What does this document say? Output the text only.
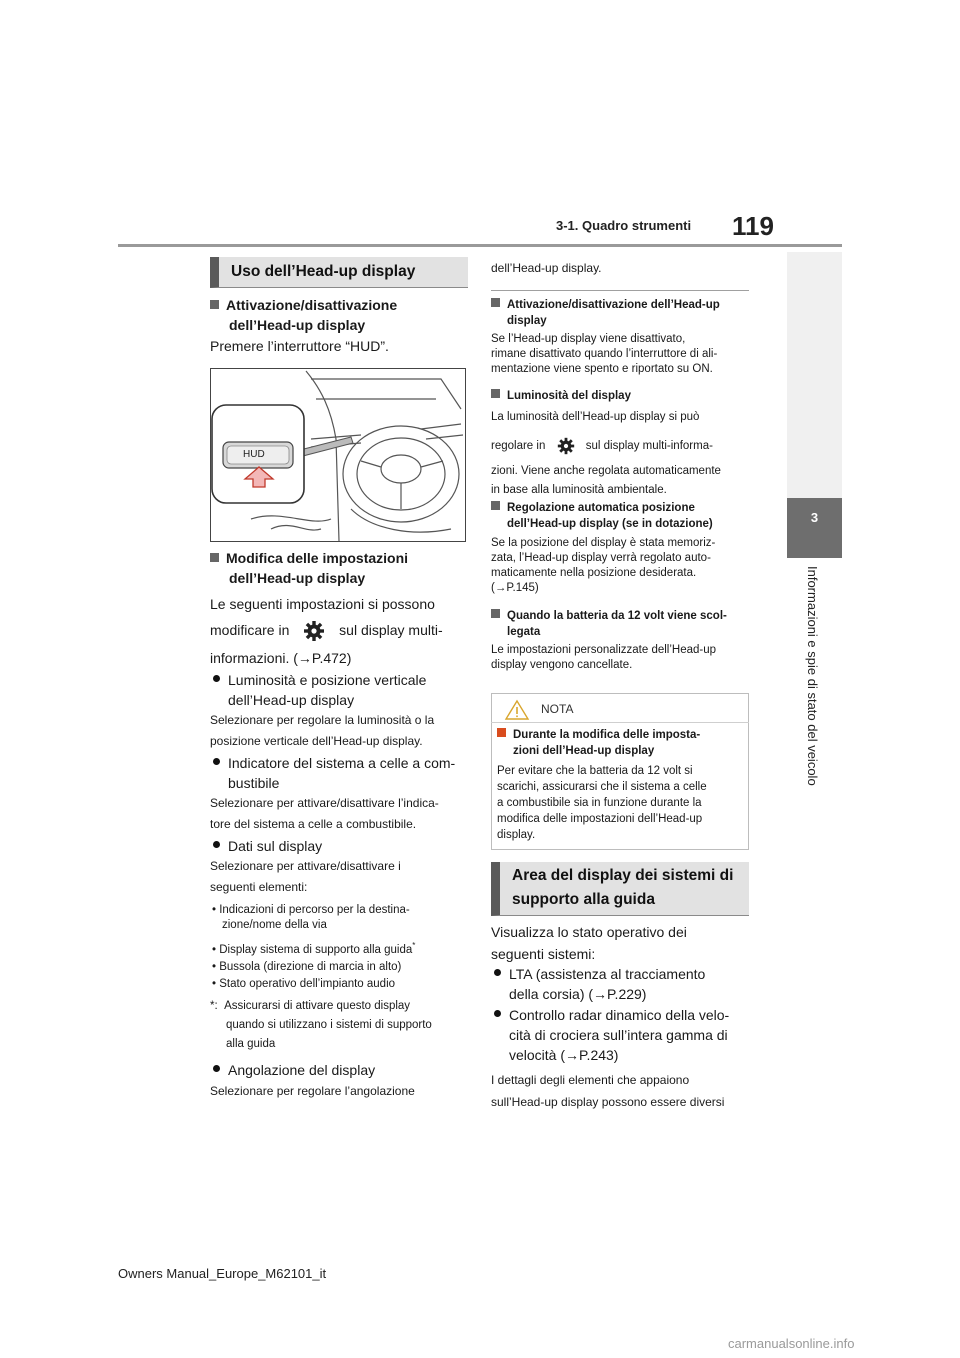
3-1. Quadro strumenti 119
3
Informazioni e spie di stato del veicolo
Uso dell’Head-up display
Attivazione/disattivazione
dell’Head-up display
Premere l’interruttore “HUD”.
HUD
Modifica delle impostazioni
dell’Head-up display
Le seguenti impostazioni si possono
modificare in	sul display multi-
informazioni. (→P.472)
Luminosità e posizione verticale
dell’Head-up display
Selezionare per regolare la luminosità o la
posizione verticale dell’Head-up display.
Indicatore del sistema a celle a com-
bustibile
Selezionare per attivare/disattivare l’indica-
tore del sistema a celle a combustibile.
Dati sul display
Selezionare per attivare/disattivare i
seguenti elementi:
• Indicazioni di percorso per la destina-
zione/nome della via
• Display sistema di supporto alla guida*
• Bussola (direzione di marcia in alto)
• Stato operativo dell’impianto audio
*: Assicurarsi di attivare questo display
quando si utilizzano i sistemi di supporto
alla guida
Angolazione del display
Selezionare per regolare l’angolazione
dell’Head-up display.
Attivazione/disattivazione dell’Head-up
display
Se l’Head-up display viene disattivato,
rimane disattivato quando l’interruttore di ali-
mentazione viene spento e riportato su ON.
Luminosità del display
La luminosità dell’Head-up display si può
regolare in	sul display multi-informa-
zioni. Viene anche regolata automaticamente
in base alla luminosità ambientale.
Regolazione automatica posizione
dell’Head-up display (se in dotazione)
Se la posizione del display è stata memoriz-
zata, l’Head-up display verrà regolato auto-
maticamente nella posizione desiderata.
(→P.145)
Quando la batteria da 12 volt viene scol-
legata
Le impostazioni personalizzate dell’Head-up
display vengono cancellate.
NOTA
Durante la modifica delle imposta-
zioni dell’Head-up display
Per evitare che la batteria da 12 volt si
scarichi, assicurarsi che il sistema a celle
a combustibile sia in funzione durante la
modifica delle impostazioni dell’Head-up
display.
Area del display dei sistemi di
supporto alla guida
Visualizza lo stato operativo dei
seguenti sistemi:
LTA (assistenza al tracciamento
della corsia) (→P.229)
Controllo radar dinamico della velo-
cità di crociera sull’intera gamma di
velocità (→P.243)
I dettagli degli elementi che appaiono
sull’Head-up display possono essere diversi
Owners Manual_Europe_M62101_it
carmanualsonline.info
